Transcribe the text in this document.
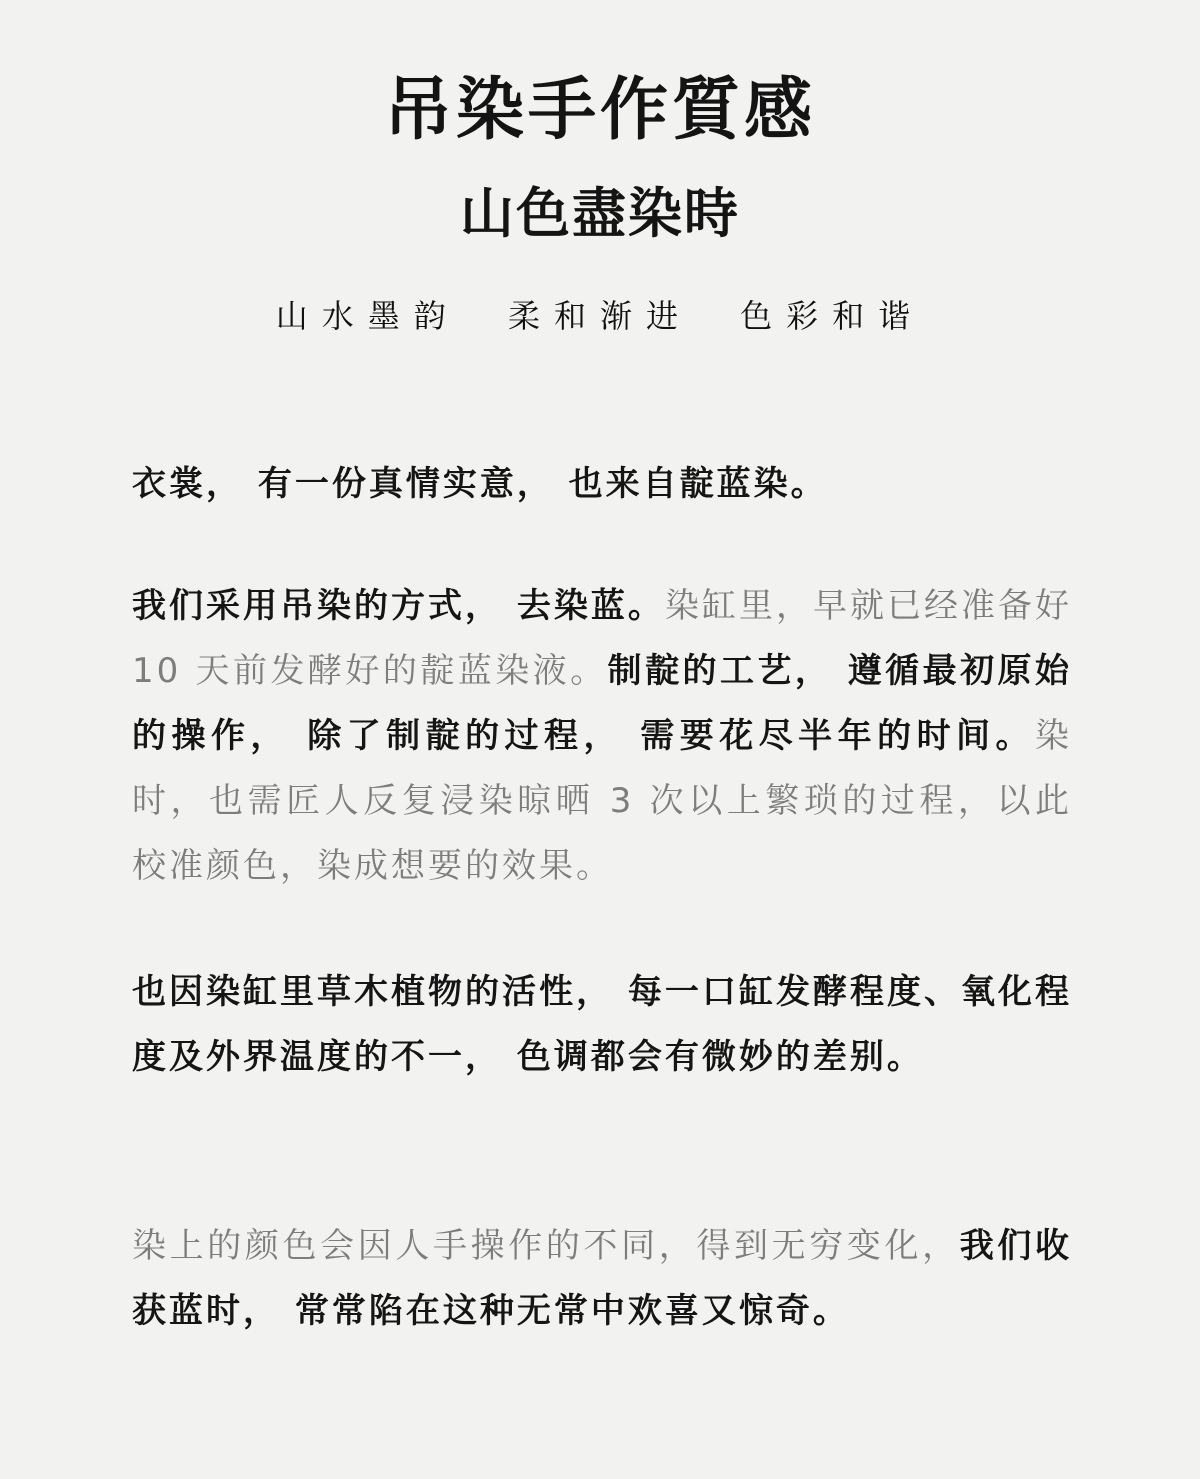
吊染手作質感
山色盡染時
山水墨韵 柔和渐进 色彩和谐

衣裳， 有一份真情实意， 也来自靛蓝染。

我们采用吊染的方式， 去染蓝。染缸里，早就已经准备好 10 天前发酵好的靛蓝染液。制靛的工艺， 遵循最初原始的操作， 除了制靛的过程， 需要花尽半年的时间。染时，也需匠人反复浸染晾晒 3 次以上繁琐的过程，以此校准颜色，染成想要的效果。

也因染缸里草木植物的活性， 每一口缸发酵程度、氧化程度及外界温度的不一， 色调都会有微妙的差别。

染上的颜色会因人手操作的不同，得到无穷变化，我们收获蓝时， 常常陷在这种无常中欢喜又惊奇。
